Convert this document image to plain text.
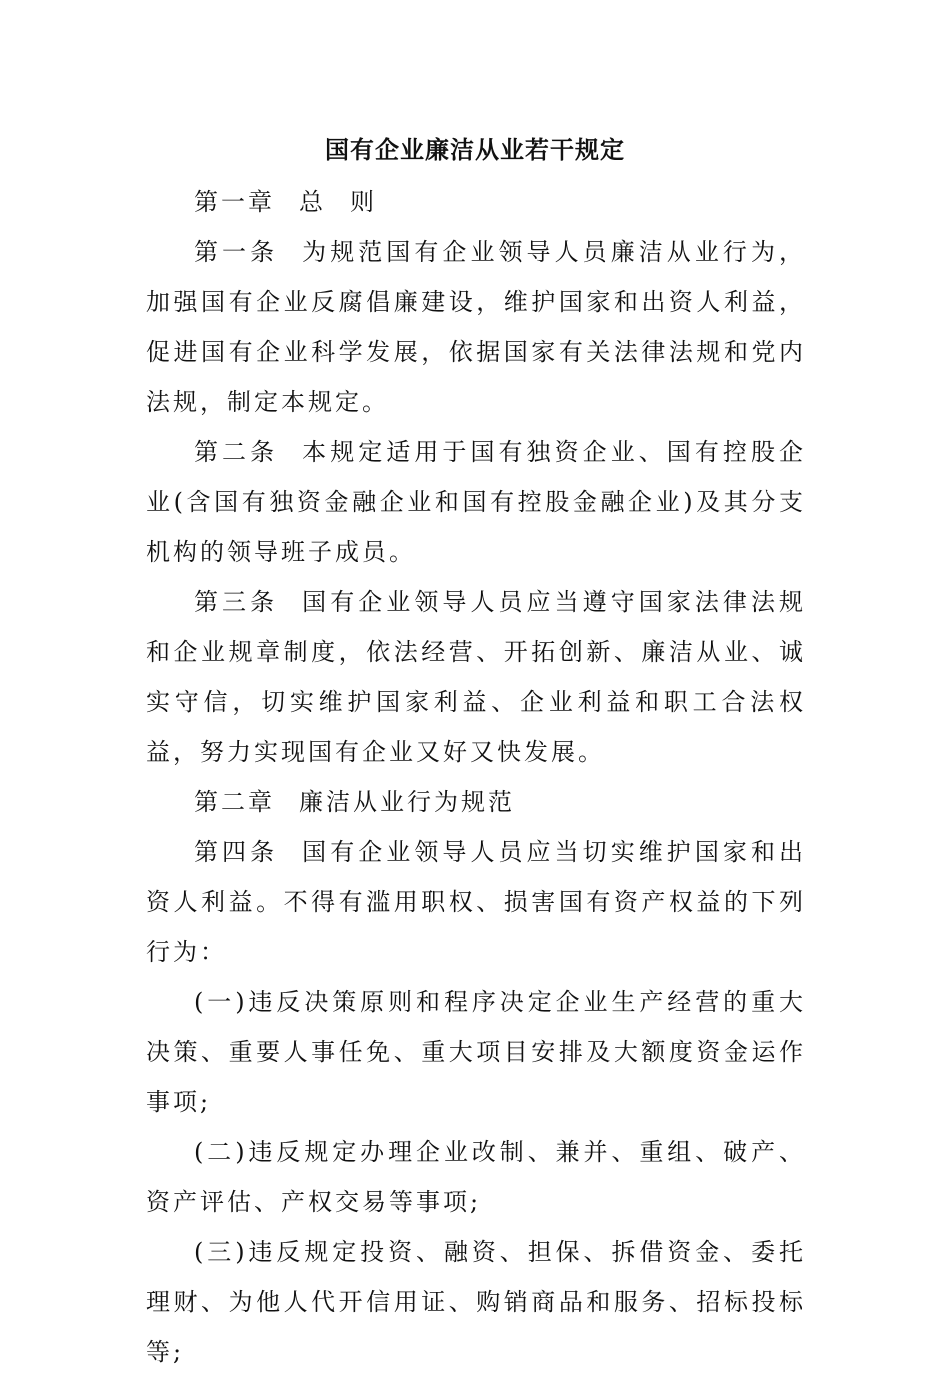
国有企业廉洁从业若干规定

第一章 总 则

第一条 为规范国有企业领导人员廉洁从业行为，加强国有企业反腐倡廉建设，维护国家和出资人利益，促进国有企业科学发展，依据国家有关法律法规和党内法规，制定本规定。

第二条 本规定适用于国有独资企业、国有控股企业(含国有独资金融企业和国有控股金融企业)及其分支机构的领导班子成员。

第三条 国有企业领导人员应当遵守国家法律法规和企业规章制度，依法经营、开拓创新、廉洁从业、诚实守信，切实维护国家利益、企业利益和职工合法权益，努力实现国有企业又好又快发展。

第二章 廉洁从业行为规范

第四条 国有企业领导人员应当切实维护国家和出资人利益。不得有滥用职权、损害国有资产权益的下列行为：

(一)违反决策原则和程序决定企业生产经营的重大决策、重要人事任免、重大项目安排及大额度资金运作事项;

(二)违反规定办理企业改制、兼并、重组、破产、资产评估、产权交易等事项;

(三)违反规定投资、融资、担保、拆借资金、委托理财、为他人代开信用证、购销商品和服务、招标投标等;
